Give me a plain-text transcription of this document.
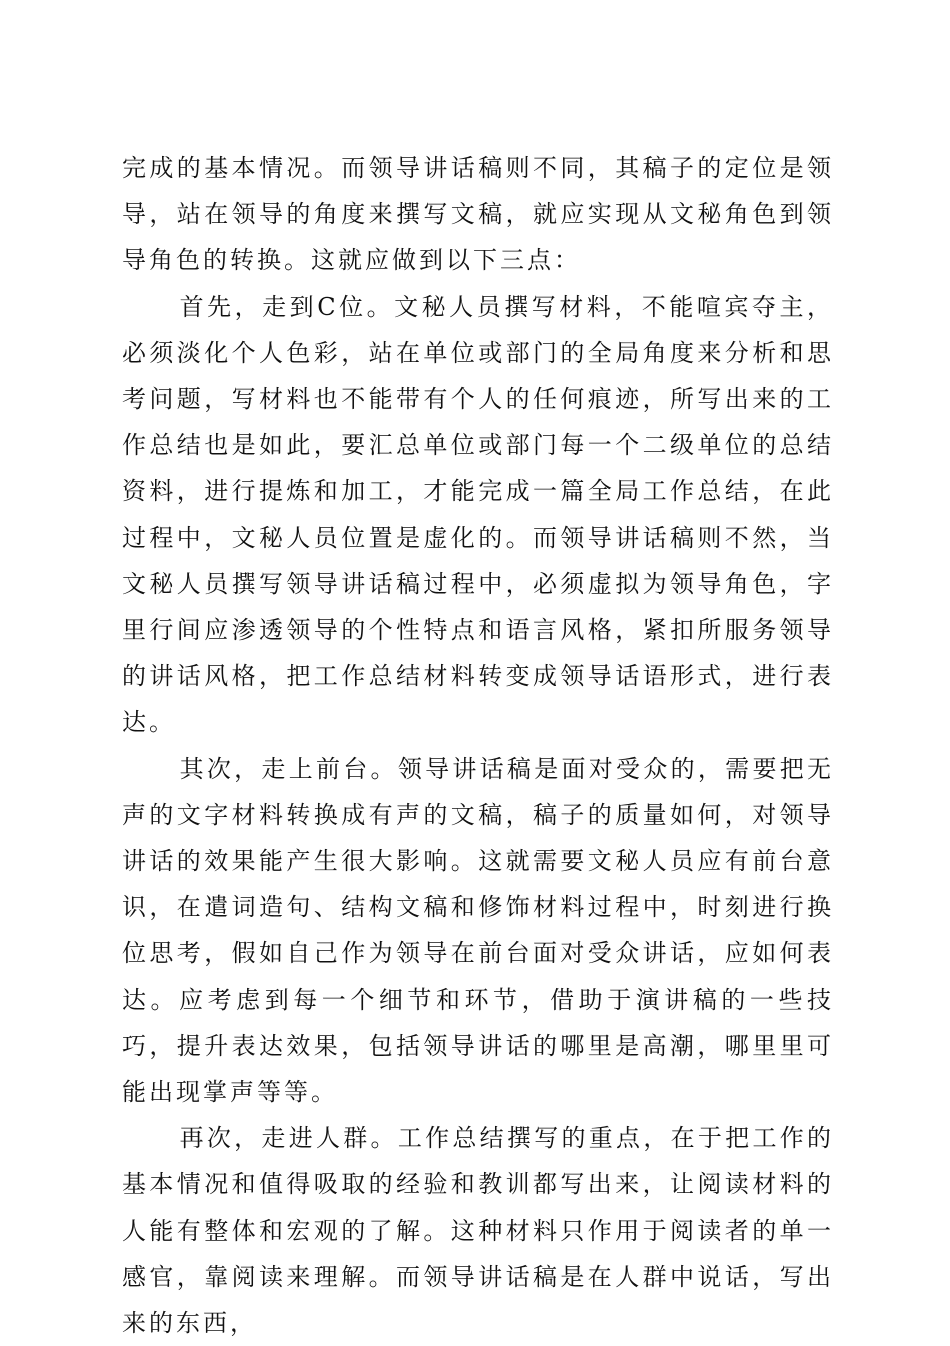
完成的基本情况。而领导讲话稿则不同，其稿子的定位是领导，站在领导的角度来撰写文稿，就应实现从文秘角色到领导角色的转换。这就应做到以下三点：

首先，走到C位。文秘人员撰写材料，不能喧宾夺主，必须淡化个人色彩，站在单位或部门的全局角度来分析和思考问题，写材料也不能带有个人的任何痕迹，所写出来的工作总结也是如此，要汇总单位或部门每一个二级单位的总结资料，进行提炼和加工，才能完成一篇全局工作总结，在此过程中，文秘人员位置是虚化的。而领导讲话稿则不然，当文秘人员撰写领导讲话稿过程中，必须虚拟为领导角色，字里行间应渗透领导的个性特点和语言风格，紧扣所服务领导的讲话风格，把工作总结材料转变成领导话语形式，进行表达。

其次，走上前台。领导讲话稿是面对受众的，需要把无声的文字材料转换成有声的文稿，稿子的质量如何，对领导讲话的效果能产生很大影响。这就需要文秘人员应有前台意识，在遣词造句、结构文稿和修饰材料过程中，时刻进行换位思考，假如自己作为领导在前台面对受众讲话，应如何表达。应考虑到每一个细节和环节，借助于演讲稿的一些技巧，提升表达效果，包括领导讲话的哪里是高潮，哪里里可能出现掌声等等。

再次，走进人群。工作总结撰写的重点，在于把工作的基本情况和值得吸取的经验和教训都写出来，让阅读材料的人能有整体和宏观的了解。这种材料只作用于阅读者的单一感官，靠阅读来理解。而领导讲话稿是在人群中说话，写出来的东西，
